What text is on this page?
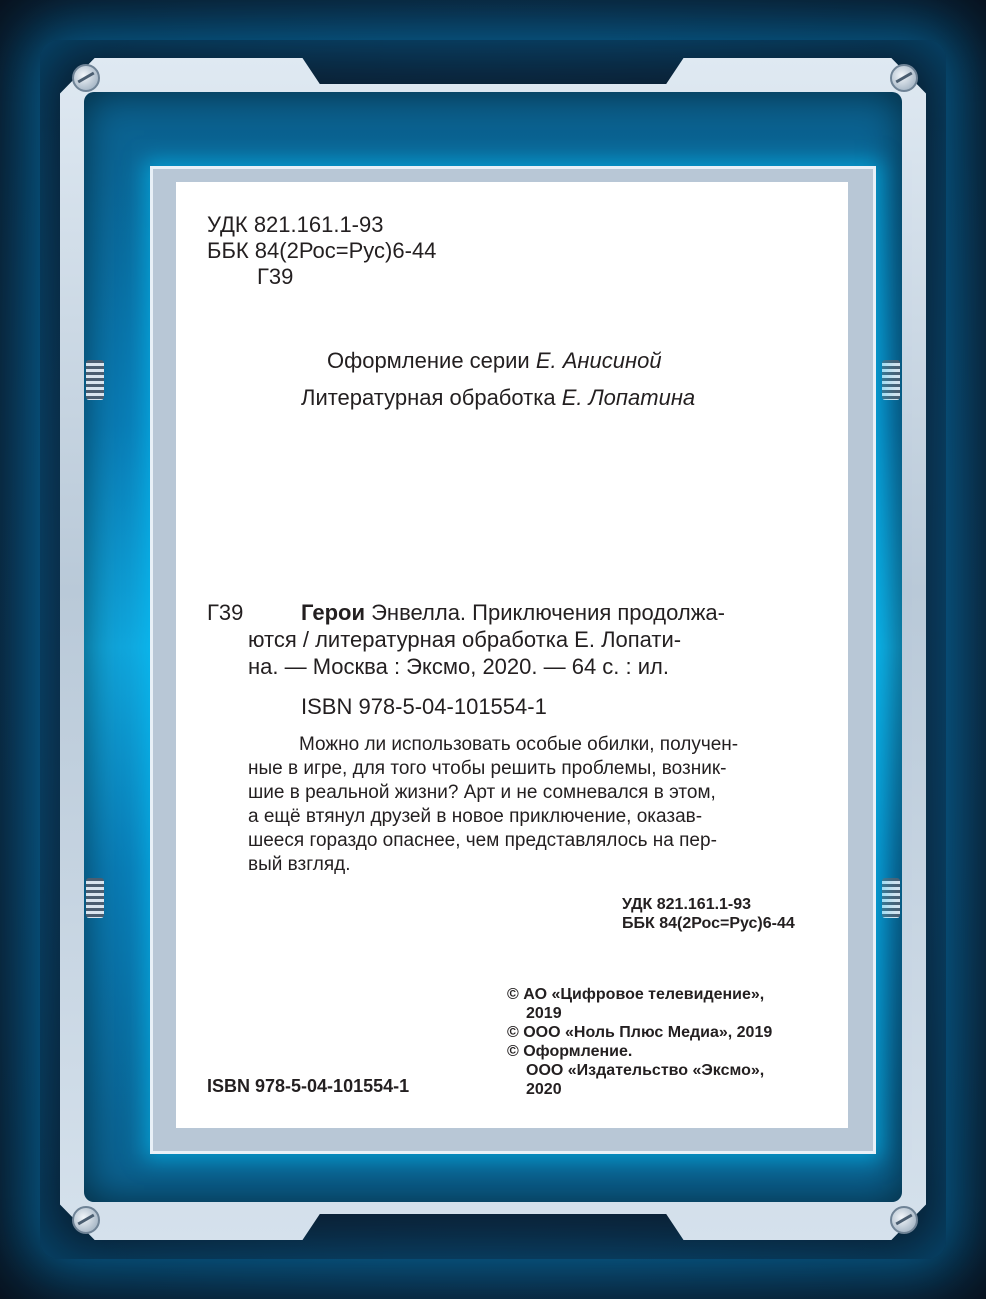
УДК 821.161.1-93
ББК 84(2Рос=Рус)6-44
Г39
Оформление серии Е. Анисиной
Литературная обработка Е. Лопатина
Г39	Герои Энвелла. Приключения продолжа-
ются / литературная обработка Е. Лопати-
на. — Москва : Эксмо, 2020. — 64 с. : ил.
ISBN 978-5-04-101554-1
Можно ли использовать особые обилки, получен-
ные в игре, для того чтобы решить проблемы, возник-
шие в реальной жизни? Арт и не сомневался в этом,
а ещё втянул друзей в новое приключение, оказав-
шееся гораздо опаснее, чем представлялось на пер-
вый взгляд.
УДК 821.161.1-93
ББК 84(2Рос=Рус)6-44
© АО «Цифровое телевидение»,
2019
© ООО «Ноль Плюс Медиа», 2019
© Оформление.
ООО «Издательство «Эксмо»,
2020
ISBN 978-5-04-101554-1
